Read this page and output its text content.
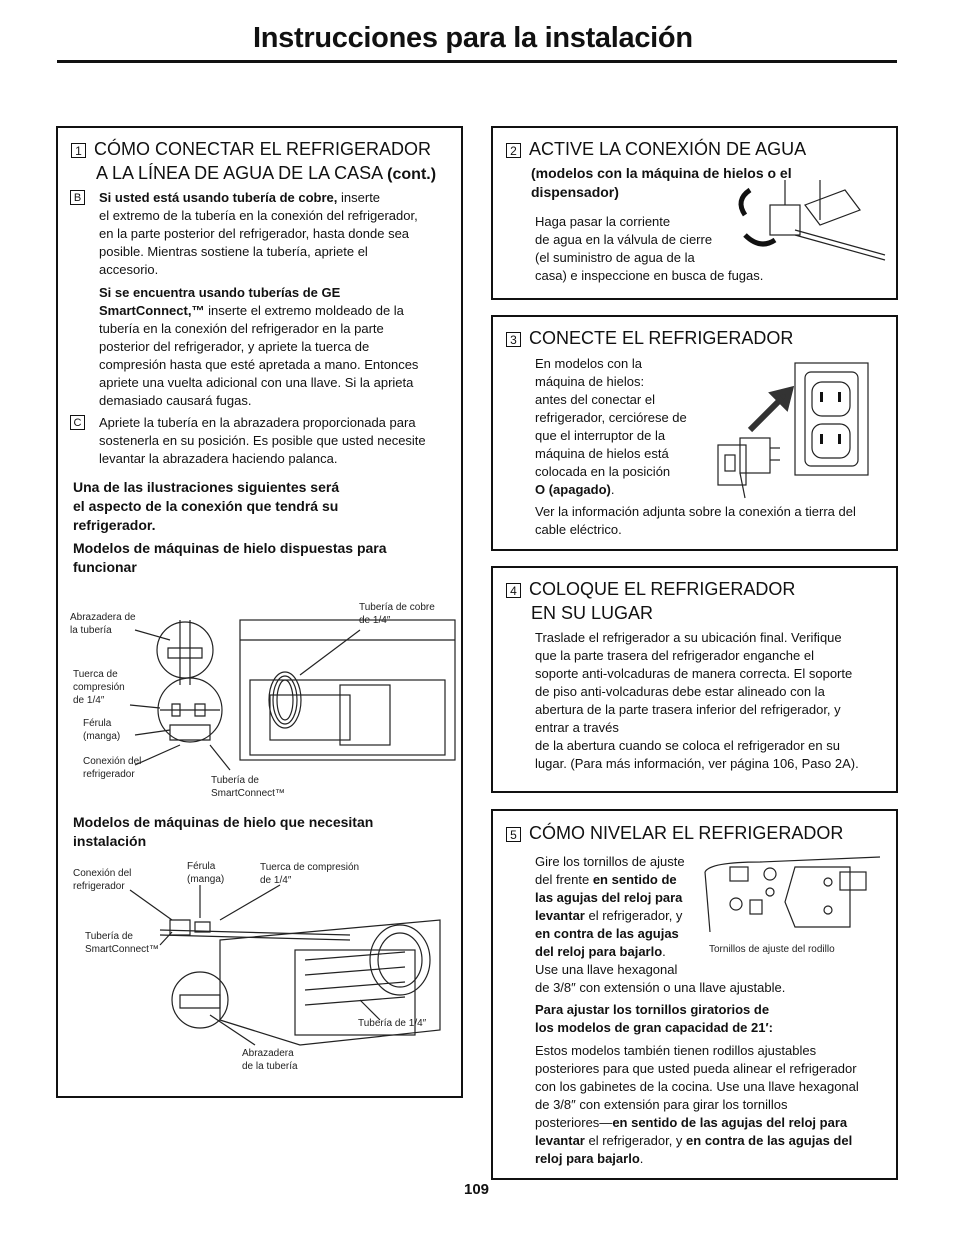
Instrucciones para la instalación
1 CÓMO CONECTAR EL REFRIGERADOR
A LA LÍNEA DE AGUA DE LA CASA (cont.)
B Si usted está usando tubería de cobre, inserte
el extremo de la tubería en la conexión del refrigerador,
en la parte posterior del refrigerador, hasta donde sea
posible. Mientras sostiene la tubería, apriete el
accesorio.
Si se encuentra usando tuberías de GE
SmartConnect,™ inserte el extremo moldeado de la
tubería en la conexión del refrigerador en la parte
posterior del refrigerador, y apriete la tuerca de
compresión hasta que esté apretada a mano. Entonces
apriete una vuelta adicional con una llave. Si la aprieta
demasiado causará fugas.
C Apriete la tubería en la abrazadera proporcionada para
sostenerla en su posición. Es posible que usted necesite
levantar la abrazadera haciendo palanca.
Una de las ilustraciones siguientes será
el aspecto de la conexión que tendrá su
refrigerador.
Modelos de máquinas de hielo dispuestas para
funcionar
Abrazadera de
la tubería
Tubería de cobre
de 1/4″
Tuerca de
compresión
de 1/4″
Férula
(manga)
Conexión del
refrigerador
Tubería de
SmartConnect™
Modelos de máquinas de hielo que necesitan
instalación
Conexión del
refrigerador
Férula
(manga)
Tuerca de compresión
de 1/4″
Tubería de
SmartConnect™
Tubería de 1/4″
Abrazadera
de la tubería
2 ACTIVE LA CONEXIÓN DE AGUA
(modelos con la máquina de hielos o el
dispensador)
Haga pasar la corriente
de agua en la válvula de cierre
(el suministro de agua de la
casa) e inspeccione en busca de fugas.
3 CONECTE EL REFRIGERADOR
En modelos con la
máquina de hielos:
antes del conectar el
refrigerador, cerciórese de
que el interruptor de la
máquina de hielos está
colocada en la posición
O (apagado).
Ver la información adjunta sobre la conexión a tierra del
cable eléctrico.
4 COLOQUE EL REFRIGERADOR
EN SU LUGAR
Traslade el refrigerador a su ubicación final. Verifique
que la parte trasera del refrigerador enganche el
soporte anti-volcaduras de manera correcta. El soporte
de piso anti-volcaduras debe estar alineado con la
abertura de la parte trasera inferior del refrigerador, y
entrar a través
de la abertura cuando se coloca el refrigerador en su
lugar. (Para más información, ver página 106, Paso 2A).
5 CÓMO NIVELAR EL REFRIGERADOR
Gire los tornillos de ajuste
del frente en sentido de
las agujas del reloj para
levantar el refrigerador, y
en contra de las agujas
del reloj para bajarlo.
Use una llave hexagonal
de 3/8″ con extensión o una llave ajustable.
Tornillos de ajuste del rodillo
Para ajustar los tornillos giratorios de
los modelos de gran capacidad de 21′:
Estos modelos también tienen rodillos ajustables
posteriores para que usted pueda alinear el refrigerador
con los gabinetes de la cocina. Use una llave hexagonal
de 3/8″ con extensión para girar los tornillos
posteriores—en sentido de las agujas del reloj para
levantar el refrigerador, y en contra de las agujas del
reloj para bajarlo.
109
